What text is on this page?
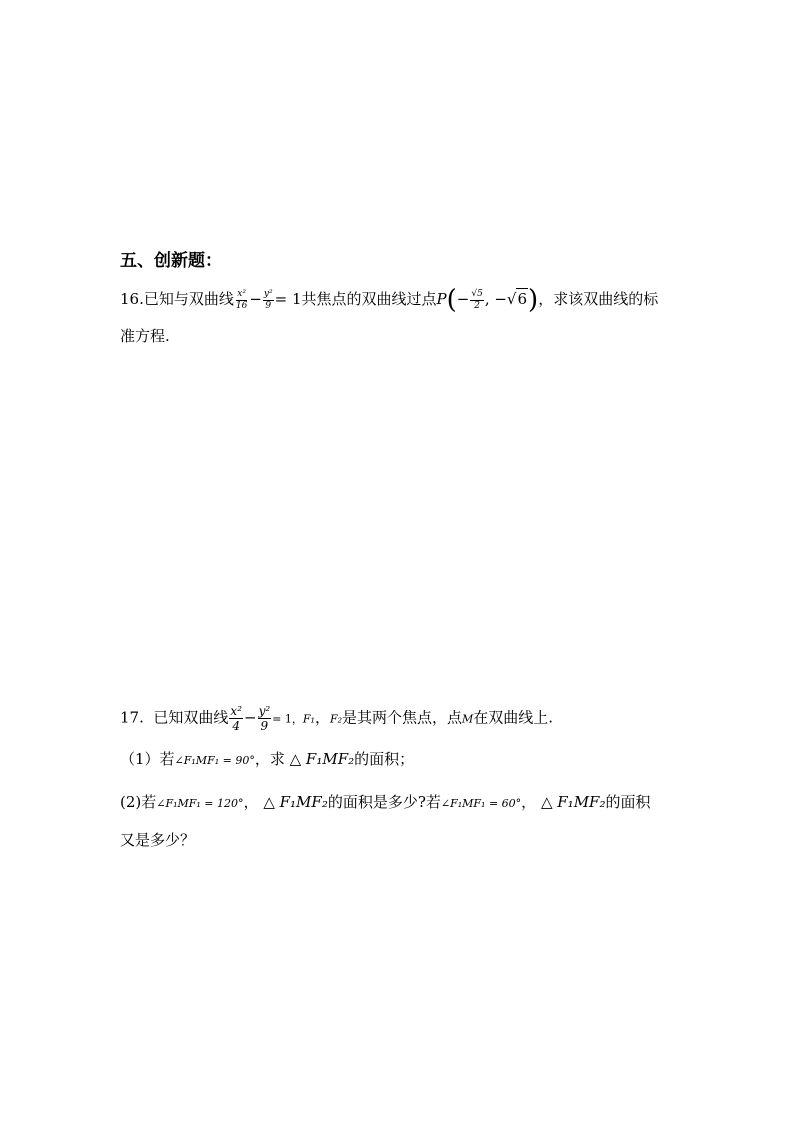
五、创新题：
16.已知与双曲线 $\frac{\text{x²}}{16} - \frac{\text{y²}}{9} = 1$共焦点的双曲线过点$P(- \frac{√5}{2}$ , −√6)，求该双曲线的标
准方程.
17. 已知双曲线 $\frac{\text{x²}}{4} - \frac{\text{y²}}{9} = 1$，F₁，F₂是其两个焦点，点M在双曲线上.
（1）若∠F₁MF₁ = 90°，求 △ F₁MF₂的面积；
(2)若∠F₁MF₁ = 120°， △ F₁MF₂的面积是多少?若∠F₁MF₁ = 60°， △ F₁MF₂的面积
又是多少？
